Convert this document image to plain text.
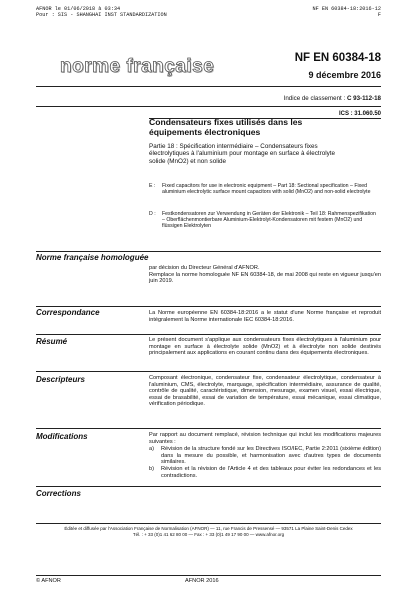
AFNOR le 01/06/2018 à 03:34
Pour : SIS - SHANGHAI INST STANDARDIZATION
NF EN 60384-18:2016-12
F
norme française	NF EN 60384-18
9 décembre 2016
Indice de classement : C 93-112-18
ICS : 31.060.50
Condensateurs fixes utilisés dans les équipements électroniques
Partie 18 : Spécification intermédiaire – Condensateurs fixes électrolytiques à l'aluminium pour montage en surface à électrolyte solide (MnO2) et non solide
E : Fixed capacitors for use in electronic equipment – Part 18: Sectional specification – Fixed aluminium electrolytic surface mount capacitors with solid (MnO2) and non-solid electrolyte
D : Festkondensatoren zur Verwendung in Geräten der Elektronik – Teil 18: Rahmenspezifikation – Oberflächenmontierbare Aluminium-Elektrolyt-Kondensatoren mit festem (MnO2) und flüssigen Elektrolyten
Norme française homologuée
par décision du Directeur Général d'AFNOR.
Remplace la norme homologuée NF EN 60384-18, de mai 2008 qui reste en vigueur jusqu'en juin 2019.
Correspondance	La Norme européenne EN 60384-18:2016 a le statut d'une Norme française et reproduit intégralement la Norme internationale IEC 60384-18:2016.
Résumé	Le présent document s'applique aux condensateurs fixes électrolytiques à l'aluminium pour montage en surface à électrolyte solide (MnO2) et à électrolyte non solide destinés principalement aux applications en courant continu dans des équipements électroniques.
Descripteurs	Composant électronique, condensateur fixe, condensateur électrolytique, condensateur à l'aluminium, CMS, électrolyte, marquage, spécification intermédiaire, assurance de qualité, contrôle de qualité, caractéristique, dimension, mesurage, examen visuel, essai électrique, essai de brasabilité, essai de variation de température, essai mécanique, essai climatique, vérification périodique.
Modifications	Par rapport au document remplacé, révision technique qui inclut les modifications majeures suivantes :
a) Révision de la structure fondé sur les Directives ISO/IEC, Partie 2:2011 (sixième édition) dans la mesure du possible, et harmonisation avec d'autres types de documents similaires.
b) Révision et la révision de l'Article 4 et des tableaux pour éviter les redondances et les contradictions.
Corrections
Éditée et diffusée par l'Association Française de Normalisation (AFNOR) — 11, rue Francis de Pressensé — 93571 La Plaine Saint-Denis Cedex
Tél. : + 33 (0)1 41 62 80 00 — Fax : + 33 (0)1 49 17 90 00 — www.afnor.org
© AFNOR	AFNOR 2016
